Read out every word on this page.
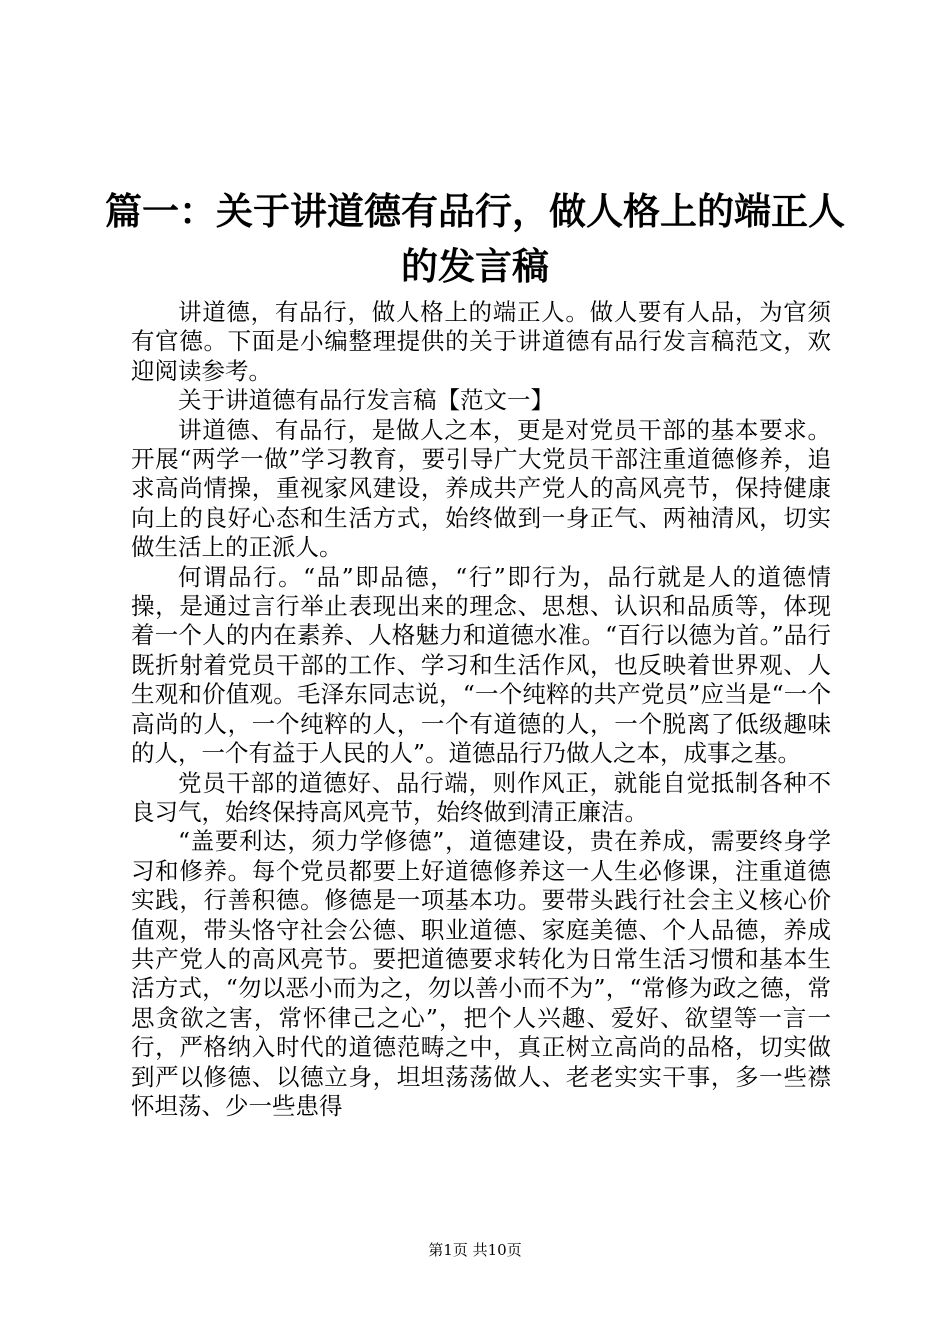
篇一：关于讲道德有品行，做人格上的端正人的发言稿

讲道德，有品行，做人格上的端正人。做人要有人品，为官须有官德。下面是小编整理提供的关于讲道德有品行发言稿范文，欢迎阅读参考。

关于讲道德有品行发言稿【范文一】

讲道德、有品行，是做人之本，更是对党员干部的基本要求。开展“两学一做”学习教育，要引导广大党员干部注重道德修养，追求高尚情操，重视家风建设，养成共产党人的高风亮节，保持健康向上的良好心态和生活方式，始终做到一身正气、两袖清风，切实做生活上的正派人。

何谓品行。“品”即品德，“行”即行为，品行就是人的道德情操，是通过言行举止表现出来的理念、思想、认识和品质等，体现着一个人的内在素养、人格魅力和道德水准。“百行以德为首。”品行既折射着党员干部的工作、学习和生活作风，也反映着世界观、人生观和价值观。毛泽东同志说，“一个纯粹的共产党员”应当是“一个高尚的人，一个纯粹的人，一个有道德的人，一个脱离了低级趣味的人，一个有益于人民的人”。道德品行乃做人之本，成事之基。

党员干部的道德好、品行端，则作风正，就能自觉抵制各种不良习气，始终保持高风亮节，始终做到清正廉洁。

“盖要利达，须力学修德”，道德建设，贵在养成，需要终身学习和修养。每个党员都要上好道德修养这一人生必修课，注重道德实践，行善积德。修德是一项基本功。要带头践行社会主义核心价值观，带头恪守社会公德、职业道德、家庭美德、个人品德，养成共产党人的高风亮节。要把道德要求转化为日常生活习惯和基本生活方式，“勿以恶小而为之，勿以善小而不为”，“常修为政之德，常思贪欲之害，常怀律己之心”，把个人兴趣、爱好、欲望等一言一行，严格纳入时代的道德范畴之中，真正树立高尚的品格，切实做到严以修德、以德立身，坦坦荡荡做人、老老实实干事，多一些襟怀坦荡、少一些患得

第1页 共10页
